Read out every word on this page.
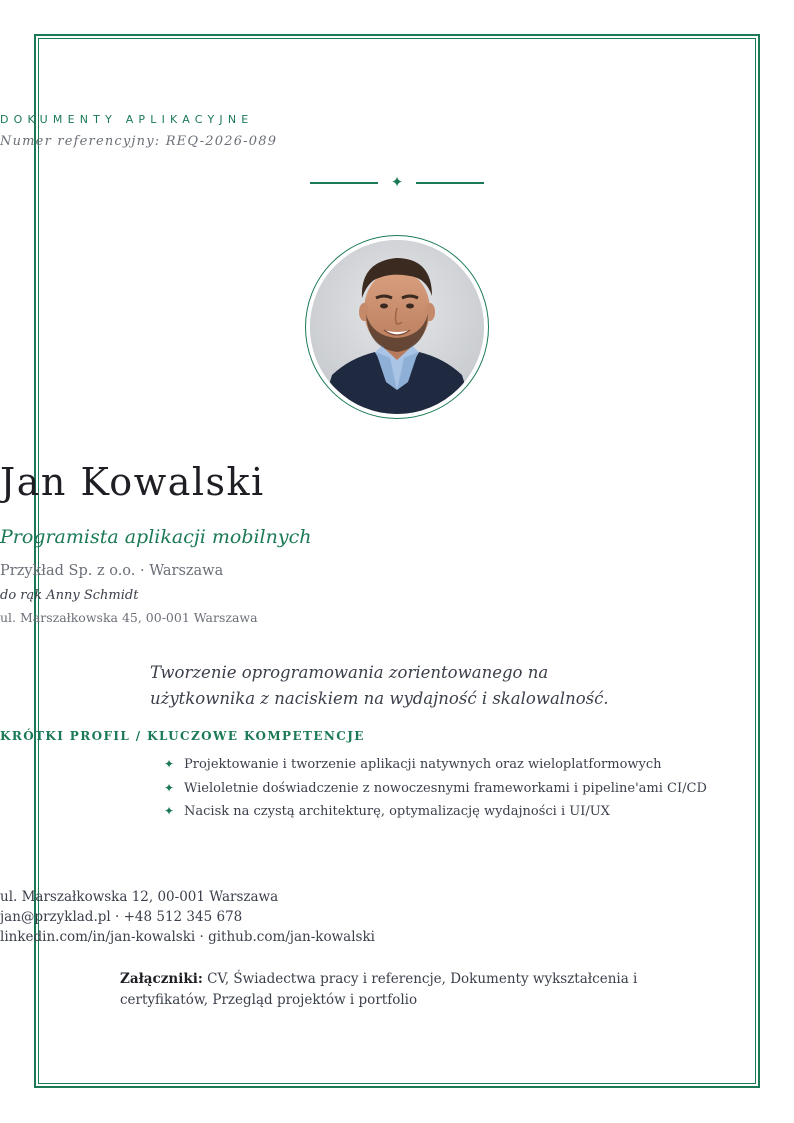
DOKUMENTY APLIKACYJNE
Numer referencyjny: REQ-2026-089
✦
Jan Kowalski
Programista aplikacji mobilnych
Przykład Sp. z o.o. · Warszawa
do rąk Anny Schmidt
ul. Marszałkowska 45, 00-001 Warszawa
Tworzenie oprogramowania zorientowanego na użytkownika z naciskiem na wydajność i skalowalność.
KRÓTKI PROFIL / KLUCZOWE KOMPETENCJE
✦ Projektowanie i tworzenie aplikacji natywnych oraz wieloplatformowych
✦ Wieloletnie doświadczenie z nowoczesnymi frameworkami i pipeline'ami CI/CD
✦ Nacisk na czystą architekturę, optymalizację wydajności i UI/UX
ul. Marszałkowska 12, 00-001 Warszawa
jan@przyklad.pl · +48 512 345 678
linkedin.com/in/jan-kowalski · github.com/jan-kowalski
Załączniki: CV, Świadectwa pracy i referencje, Dokumenty wykształcenia i certyfikatów, Przegląd projektów i portfolio
